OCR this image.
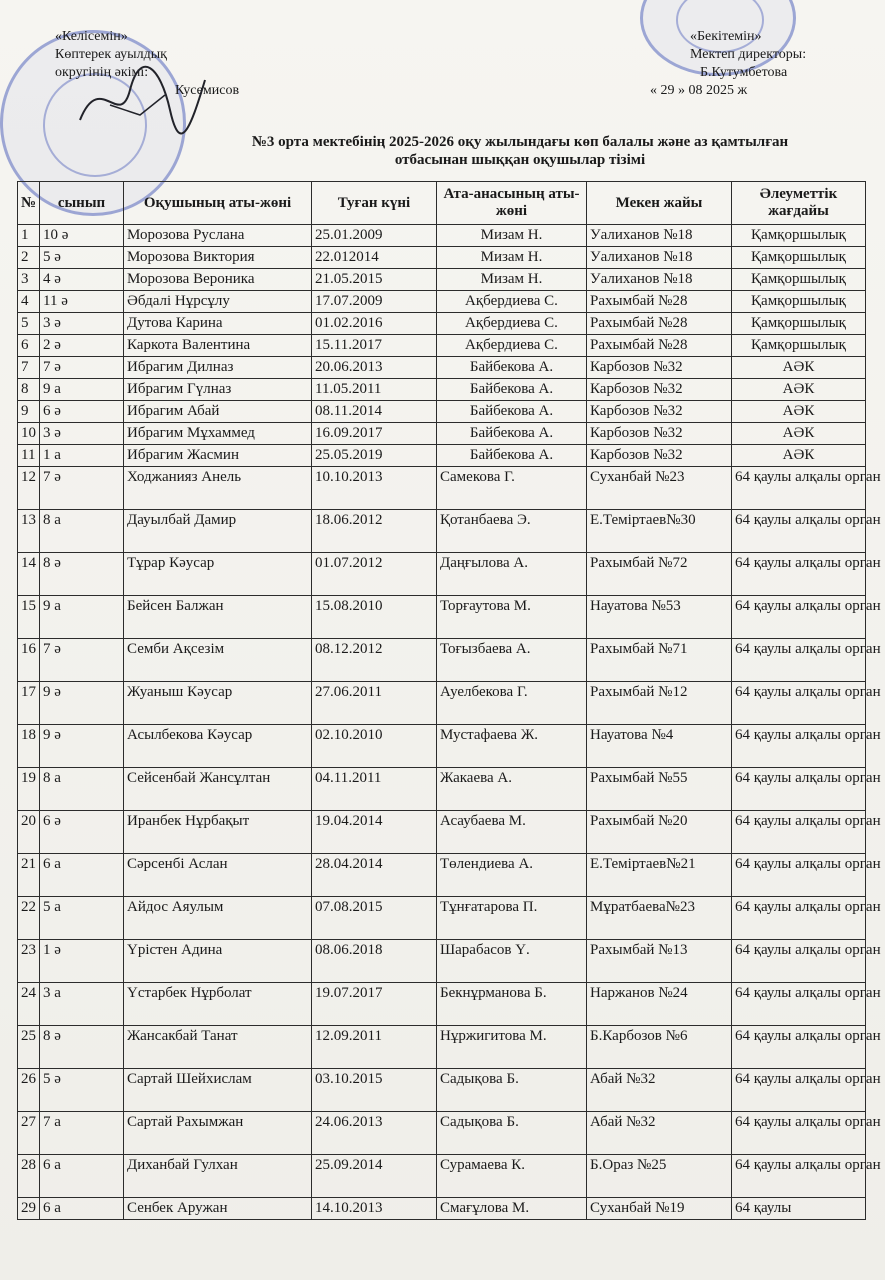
«Келісемін»
Көптерек ауылдық
округінің әкімі:
Кусемисов
«Бекітемін»
Мектеп директоры:
Б.Кутумбетова
« 29 » 08 2025 ж
№3 орта мектебінің 2025-2026 оқу жылындағы көп балалы және аз қамтылған
отбасынан шыққан оқушылар тізімі
№	сынып	Оқушының аты-жөні	Туған күні	Ата-анасының аты-жөні	Мекен жайы	Әлеуметтік жағдайы
1	10 ә	Морозова Руслана	25.01.2009	Мизам Н.	Уалиханов №18	Қамқоршылық
2	5 ә	Морозова Виктория	22.012014	Мизам Н.	Уалиханов №18	Қамқоршылық
3	4 ә	Морозова Вероника	21.05.2015	Мизам Н.	Уалиханов №18	Қамқоршылық
4	11 ә	Әбдалі Нұрсұлу	17.07.2009	Ақбердиева С.	Рахымбай №28	Қамқоршылық
5	3 ә	Дутова Карина	01.02.2016	Ақбердиева С.	Рахымбай №28	Қамқоршылық
6	2 ә	Каркота Валентина	15.11.2017	Ақбердиева С.	Рахымбай №28	Қамқоршылық
7	7 ә	Ибрагим Дилназ	20.06.2013	Байбекова А.	Карбозов №32	АӘК
8	9 а	Ибрагим Гүлназ	11.05.2011	Байбекова А.	Карбозов №32	АӘК
9	6 ә	Ибрагим Абай	08.11.2014	Байбекова А.	Карбозов №32	АӘК
10	3 ә	Ибрагим Мұхаммед	16.09.2017	Байбекова А.	Карбозов №32	АӘК
11	1 а	Ибрагим Жасмин	25.05.2019	Байбекова А.	Карбозов №32	АӘК
12	7 ә	Ходжанияз Анель	10.10.2013	Самекова Г.	Суханбай №23	64 қаулы алқалы орган
13	8 а	Дауылбай Дамир	18.06.2012	Қотанбаева Э.	Е.Теміртаев№30	64 қаулы алқалы орган
14	8 ә	Тұрар Кәусар	01.07.2012	Даңғылова А.	Рахымбай №72	64 қаулы алқалы орган
15	9 а	Бейсен Балжан	15.08.2010	Торғаутова М.	Науатова №53	64 қаулы алқалы орган
16	7 ә	Семби Ақсезім	08.12.2012	Тоғызбаева А.	Рахымбай №71	64 қаулы алқалы орган
17	9 ә	Жуаныш Кәусар	27.06.2011	Ауелбекова Г.	Рахымбай №12	64 қаулы алқалы орган
18	9 ә	Асылбекова Кәусар	02.10.2010	Мустафаева Ж.	Науатова №4	64 қаулы алқалы орган
19	8 а	Сейсенбай Жансұлтан	04.11.2011	Жакаева А.	Рахымбай №55	64 қаулы алқалы орган
20	6 ә	Иранбек Нұрбақыт	19.04.2014	Асаубаева М.	Рахымбай №20	64 қаулы алқалы орган
21	6 а	Сәрсенбі Аслан	28.04.2014	Төлендиева А.	Е.Теміртаев№21	64 қаулы алқалы орган
22	5 а	Айдос Аяулым	07.08.2015	Тұнғатарова П.	Мұратбаева№23	64 қаулы алқалы орган
23	1 ә	Үрістен Адина	08.06.2018	Шарабасов Ү.	Рахымбай №13	64 қаулы алқалы орган
24	3 а	Үстарбек Нұрболат	19.07.2017	Бекнұрманова Б.	Наржанов №24	64 қаулы алқалы орган
25	8 ә	Жансакбай Танат	12.09.2011	Нұржигитова М.	Б.Карбозов №6	64 қаулы алқалы орган
26	5 ә	Сартай Шейхислам	03.10.2015	Садықова Б.	Абай №32	64 қаулы алқалы орган
27	7 а	Сартай Рахымжан	24.06.2013	Садықова Б.	Абай №32	64 қаулы алқалы орган
28	6 а	Диханбай Гулхан	25.09.2014	Сурамаева К.	Б.Ораз №25	64 қаулы алқалы орган
29	6 а	Сенбек Аружан	14.10.2013	Смағұлова М.	Суханбай №19	64 қаулы
